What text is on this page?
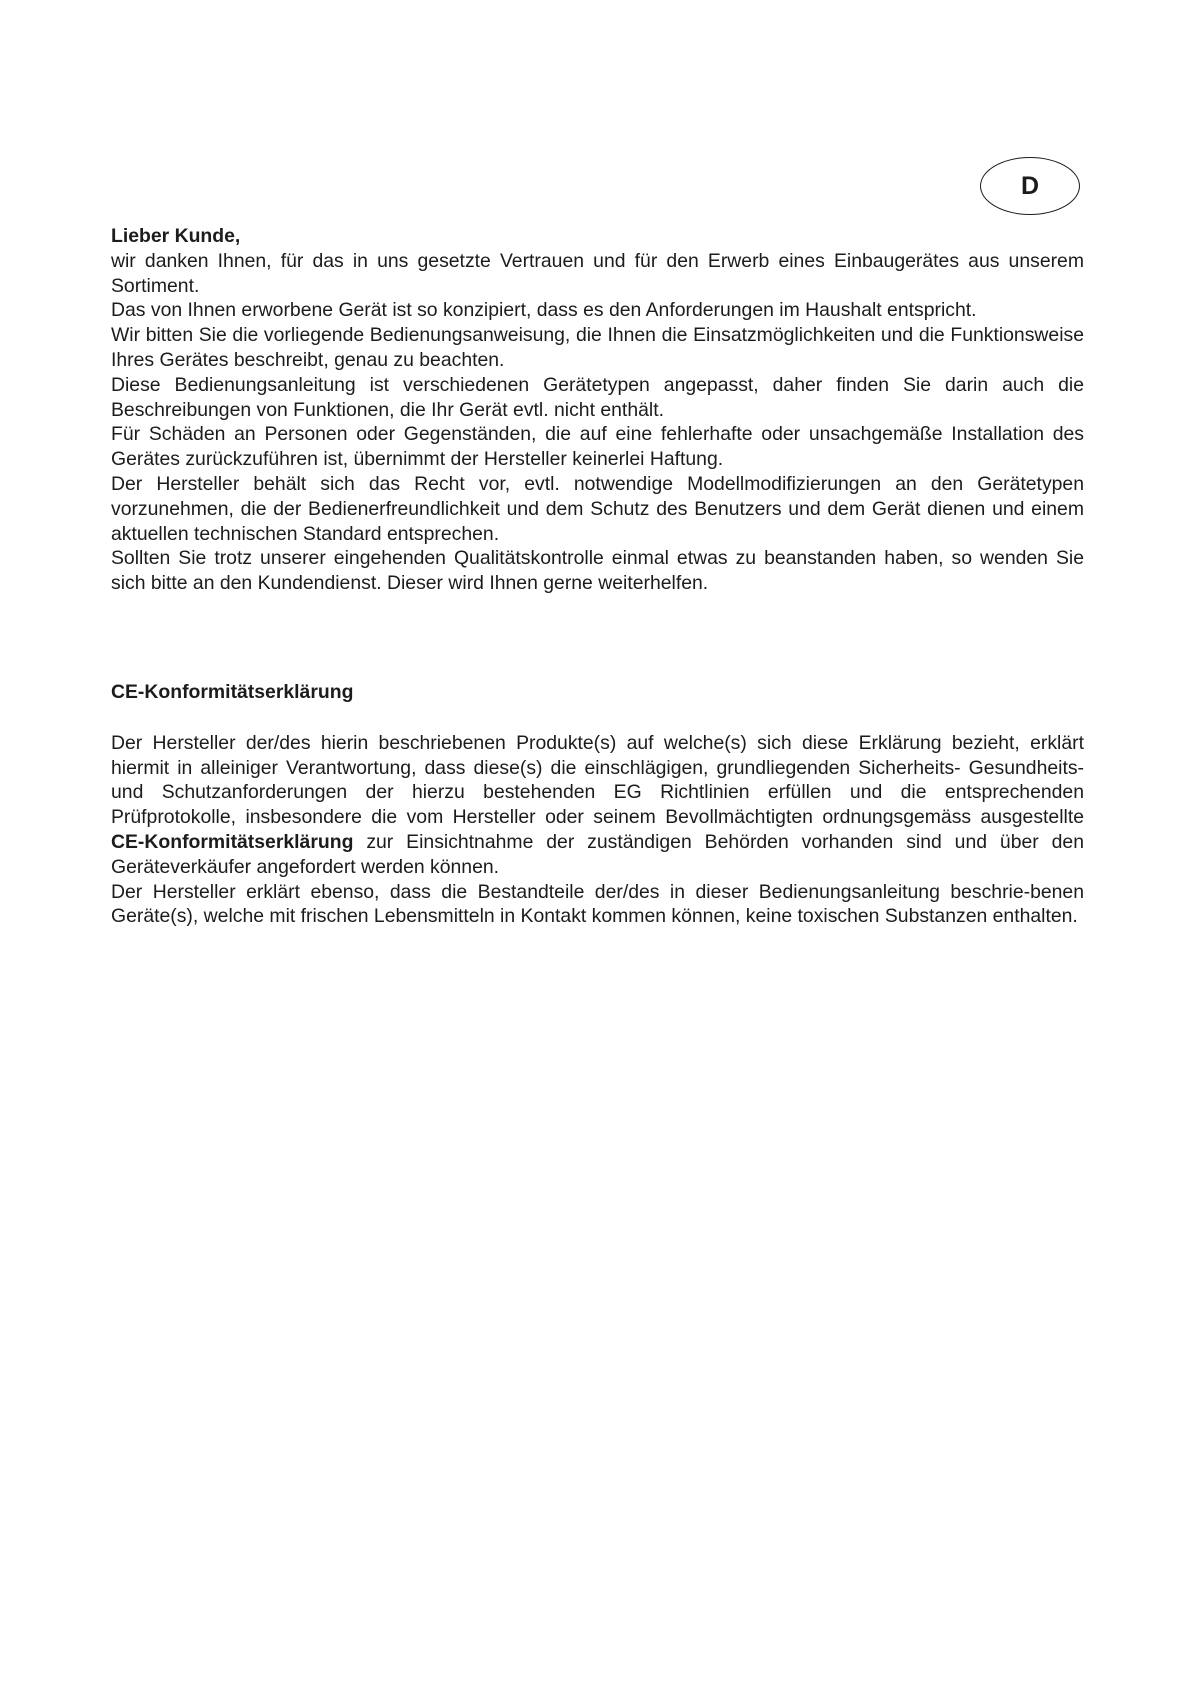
D

Lieber Kunde,

wir danken Ihnen, für das in uns gesetzte Vertrauen und für den Erwerb eines Einbaugerätes aus unserem Sortiment.

Das von Ihnen erworbene Gerät ist so konzipiert, dass es den Anforderungen im Haushalt entspricht.

Wir bitten Sie die vorliegende Bedienungsanweisung, die Ihnen die Einsatzmöglichkeiten und die Funktionsweise Ihres Gerätes beschreibt, genau zu beachten.

Diese Bedienungsanleitung ist verschiedenen Gerätetypen angepasst, daher finden Sie darin auch die Beschreibungen von Funktionen, die Ihr Gerät evtl. nicht enthält.

Für Schäden an Personen oder Gegenständen, die auf eine fehlerhafte oder unsachgemäße Installation des Gerätes zurückzuführen ist, übernimmt der Hersteller keinerlei Haftung.

Der Hersteller behält sich das Recht vor, evtl. notwendige Modellmodifizierungen an den Gerätetypen vorzunehmen, die der Bedienerfreundlichkeit und dem Schutz des Benutzers und dem Gerät dienen und einem aktuellen technischen Standard entsprechen.

Sollten Sie trotz unserer eingehenden Qualitätskontrolle einmal etwas zu beanstanden haben, so wenden Sie sich bitte an den Kundendienst. Dieser wird Ihnen gerne weiterhelfen.

CE-Konformitätserklärung

Der Hersteller der/des hierin beschriebenen Produkte(s) auf welche(s) sich diese Erklärung bezieht, erklärt hiermit in alleiniger Verantwortung, dass diese(s) die einschlägigen, grundliegenden Sicherheits- Gesundheits- und Schutzanforderungen der hierzu bestehenden EG Richtlinien erfüllen und die entsprechenden Prüfprotokolle, insbesondere die vom Hersteller oder seinem Bevollmächtigten ordnungsgemäss ausgestellte CE-Konformitätserklärung zur Einsichtnahme der zuständigen Behörden vorhanden sind und über den Geräteverkäufer angefordert werden können.

Der Hersteller erklärt ebenso, dass die Bestandteile der/des in dieser Bedienungsanleitung beschrie-benen Geräte(s), welche mit frischen Lebensmitteln in Kontakt kommen können, keine toxischen Substanzen enthalten.
